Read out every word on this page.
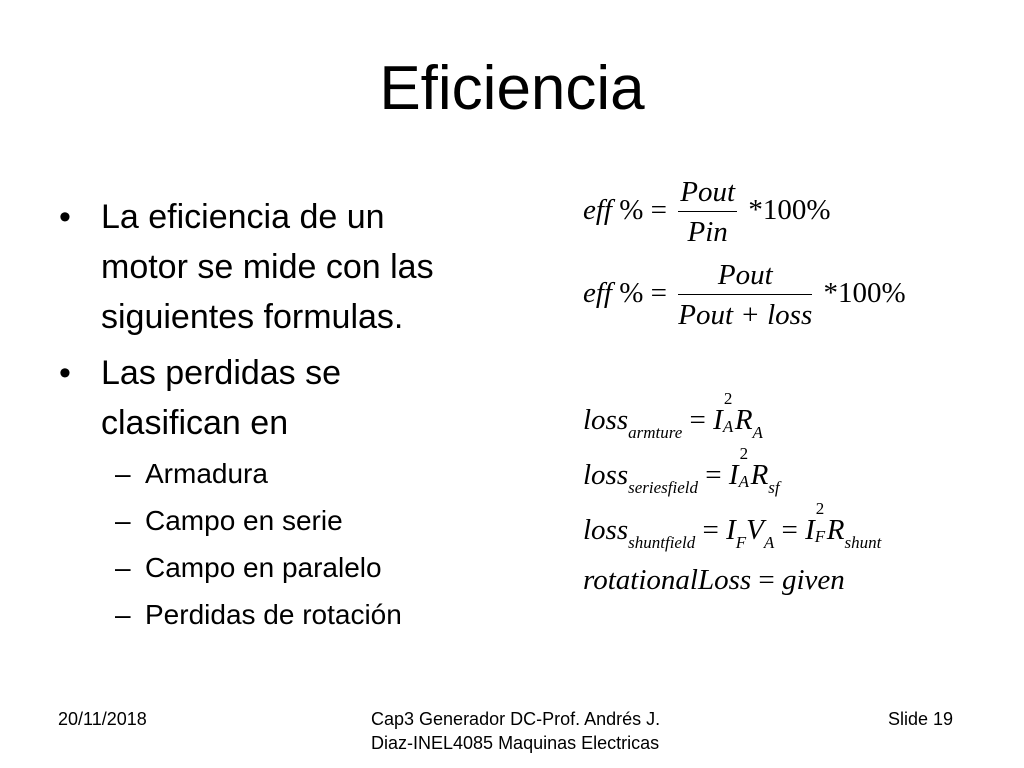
Eficiencia
• La eficiencia de un motor se mide con las siguientes formulas.
• Las perdidas se clasifican en
– Armadura
– Campo en serie
– Campo en paralelo
– Perdidas de rotación
eff % = $\frac{\text{Pout}}{\text{Pin}} *100\%$
eff % = $\frac{\text{Pout}}{\text{Pout + loss}} *100\%$
loss$_{armture}$ = I
2
A $R_A$
loss$_{seriesfield}$ = I
2
A $R_{sf}$
loss$_{shuntfield}$ = $I_FV_A = I$
2
F $R_{shunt}$
rotationalLoss = given
20/11/2018	Cap3 Generador DC-Prof. Andrés J.
Diaz-INEL4085 Maquinas Electricas
Slide 19
